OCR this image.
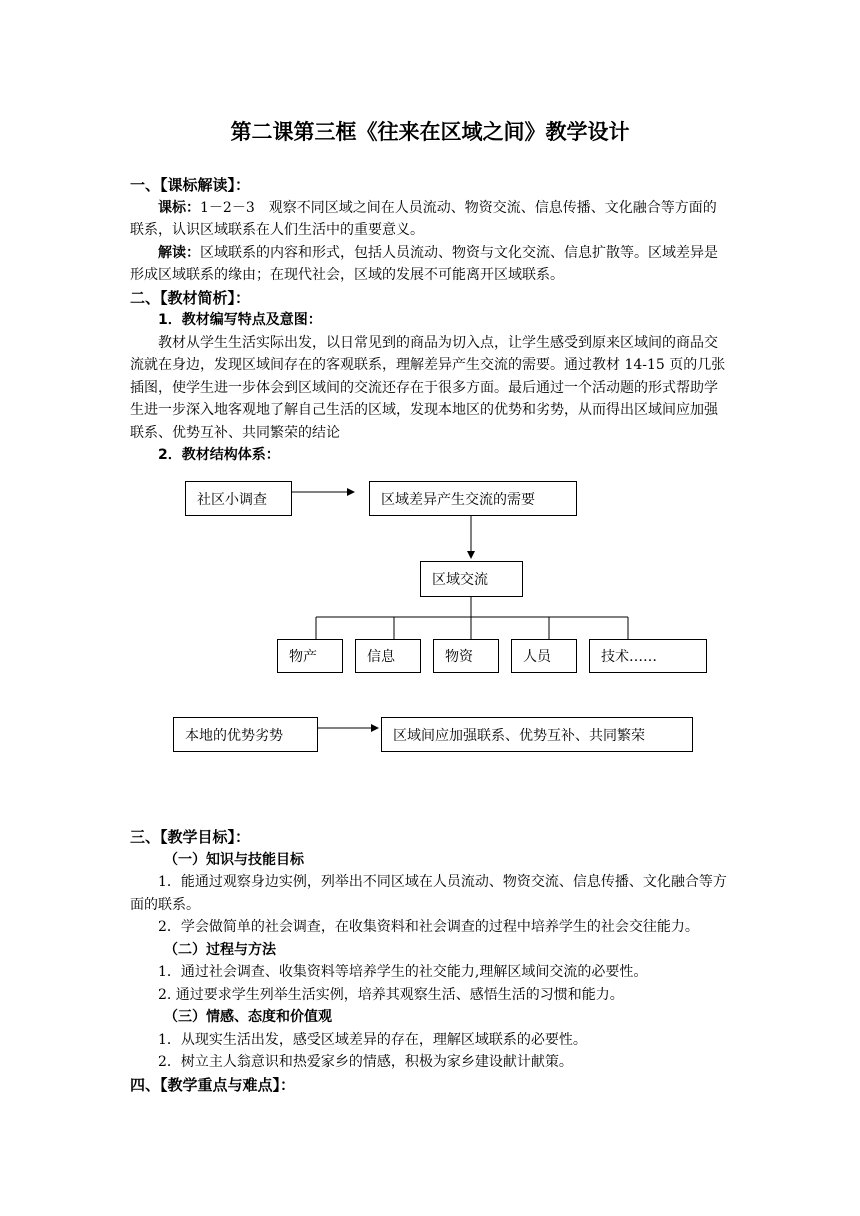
第二课第三框《往来在区域之间》教学设计

一、【课标解读】：

课标：1－2－3　观察不同区域之间在人员流动、物资交流、信息传播、文化融合等方面的联系，认识区域联系在人们生活中的重要意义。

解读：区域联系的内容和形式，包括人员流动、物资与文化交流、信息扩散等。区域差异是形成区域联系的缘由；在现代社会，区域的发展不可能离开区域联系。

二、【教材简析】：

1．教材编写特点及意图：

教材从学生生活实际出发，以日常见到的商品为切入点，让学生感受到原来区域间的商品交流就在身边，发现区域间存在的客观联系，理解差异产生交流的需要。通过教材 14-15 页的几张插图，使学生进一步体会到区域间的交流还存在于很多方面。最后通过一个活动题的形式帮助学生进一步深入地客观地了解自己生活的区域，发现本地区的优势和劣势，从而得出区域间应加强联系、优势互补、共同繁荣的结论

2．教材结构体系：

社区小调查	区域差异产生交流的需要
区域交流
物产	信息	物资	人员	技术……
本地的优势劣势	区域间应加强联系、优势互补、共同繁荣

三、【教学目标】：

（一）知识与技能目标

1．能通过观察身边实例，列举出不同区域在人员流动、物资交流、信息传播、文化融合等方面的联系。

2．学会做简单的社会调查，在收集资料和社会调查的过程中培养学生的社会交往能力。

（二）过程与方法

1．通过社会调查、收集资料等培养学生的社交能力,理解区域间交流的必要性。

2. 通过要求学生列举生活实例，培养其观察生活、感悟生活的习惯和能力。

（三）情感、态度和价值观

1．从现实生活出发，感受区域差异的存在，理解区域联系的必要性。

2．树立主人翁意识和热爱家乡的情感，积极为家乡建设献计献策。

四、【教学重点与难点】：
